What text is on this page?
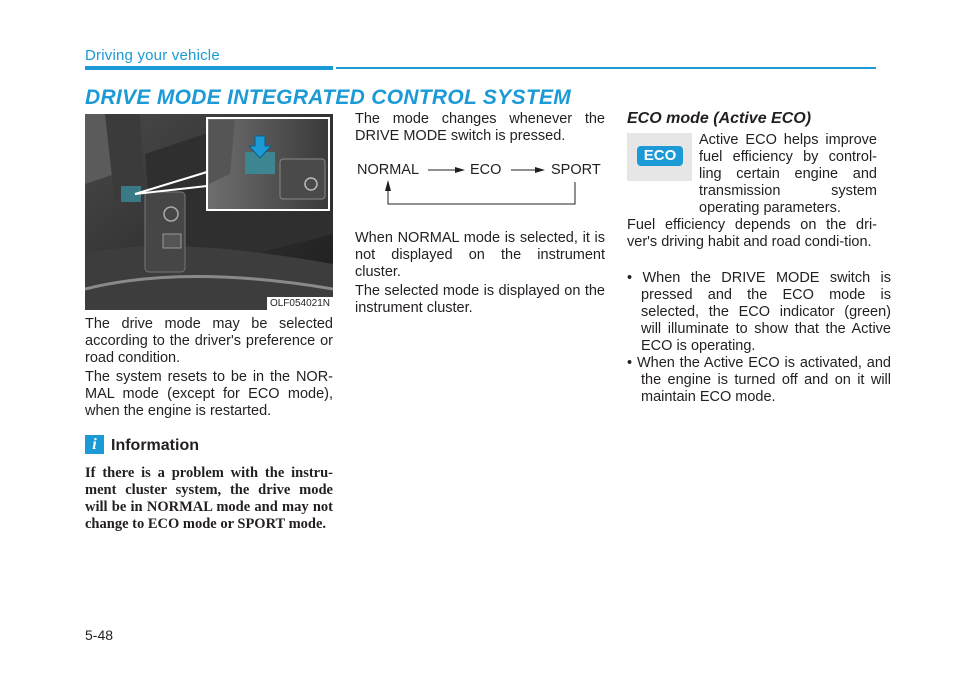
Driving your vehicle
DRIVE MODE INTEGRATED CONTROL SYSTEM
OLF054021N

The drive mode may be selected according to the driver's preference or road condition.

The system resets to be in the NOR-MAL mode (except for ECO mode), when the engine is restarted.

i Information

If there is a problem with the instru-ment cluster system, the drive mode will be in NORMAL mode and may not change to ECO mode or SPORT mode.

The mode changes whenever the DRIVE MODE switch is pressed.

NORMAL	ECO	SPORT

When NORMAL mode is selected, it is not displayed on the instrument cluster.

The selected mode is displayed on the instrument cluster.

ECO mode (Active ECO)
ECO

Active ECO helps improve fuel efficiency by control-ling certain engine and transmission system operating parameters.

Fuel efficiency depends on the dri-ver's driving habit and road condi-tion.

• When the DRIVE MODE switch is pressed and the ECO mode is selected, the ECO indicator (green) will illuminate to show that the Active ECO is operating.

• When the Active ECO is activated, and the engine is turned off and on it will maintain ECO mode.

5-48
